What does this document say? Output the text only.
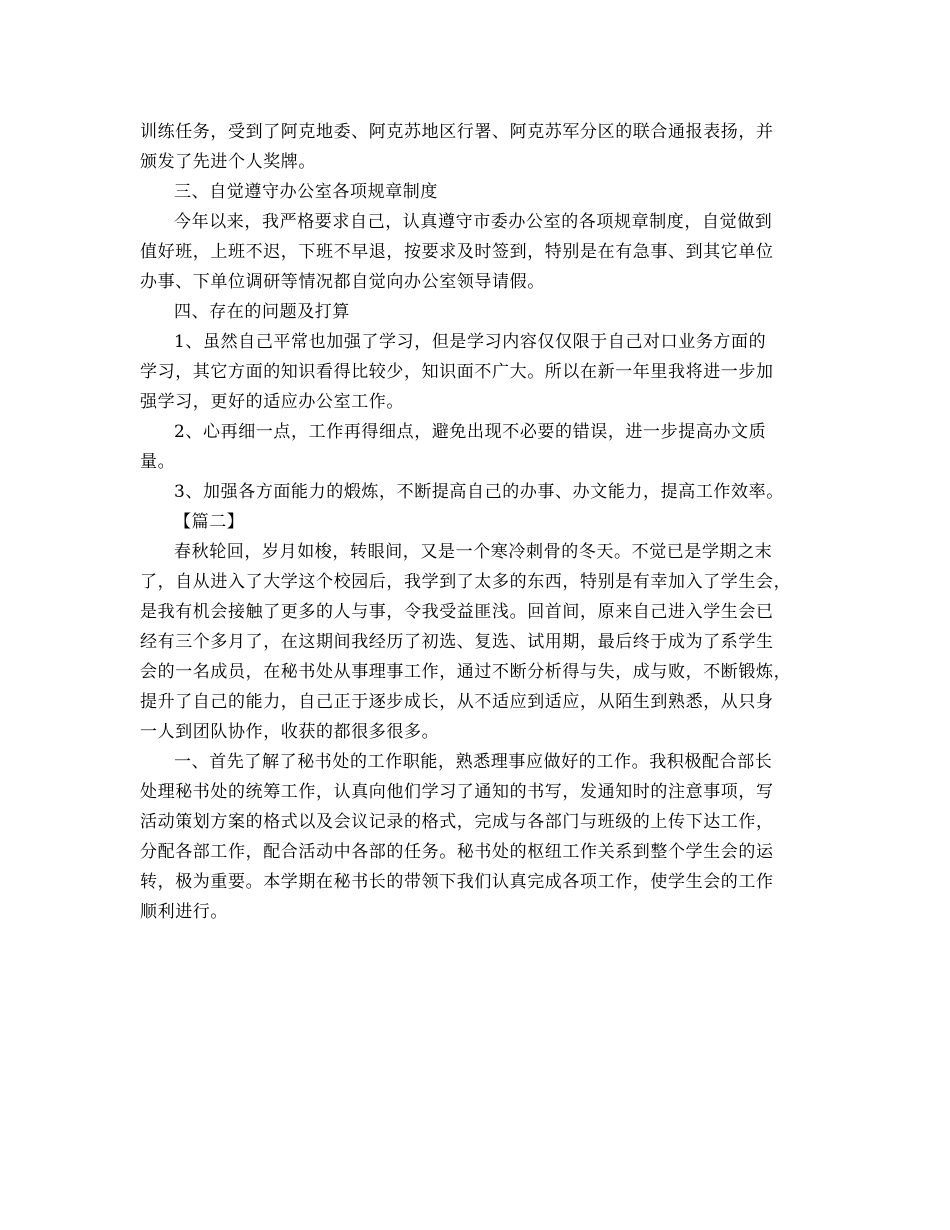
训练任务，受到了阿克地委、阿克苏地区行署、阿克苏军分区的联合通报表扬，并
颁发了先进个人奖牌。
三、自觉遵守办公室各项规章制度
今年以来，我严格要求自己，认真遵守市委办公室的各项规章制度，自觉做到
值好班，上班不迟，下班不早退，按要求及时签到，特别是在有急事、到其它单位
办事、下单位调研等情况都自觉向办公室领导请假。
四、存在的问题及打算
1、虽然自己平常也加强了学习，但是学习内容仅仅限于自己对口业务方面的
学习，其它方面的知识看得比较少，知识面不广大。所以在新一年里我将进一步加
强学习，更好的适应办公室工作。
2、心再细一点，工作再得细点，避免出现不必要的错误，进一步提高办文质
量。
3、加强各方面能力的煅炼，不断提高自己的办事、办文能力，提高工作效率。
【篇二】
春秋轮回，岁月如梭，转眼间，又是一个寒冷刺骨的冬天。不觉已是学期之末
了，自从进入了大学这个校园后，我学到了太多的东西，特别是有幸加入了学生会，
是我有机会接触了更多的人与事，令我受益匪浅。回首间，原来自己进入学生会已
经有三个多月了，在这期间我经历了初选、复选、试用期，最后终于成为了系学生
会的一名成员，在秘书处从事理事工作，通过不断分析得与失，成与败，不断锻炼，
提升了自己的能力，自己正于逐步成长，从不适应到适应，从陌生到熟悉，从只身
一人到团队协作，收获的都很多很多。
一、首先了解了秘书处的工作职能，熟悉理事应做好的工作。我积极配合部长
处理秘书处的统筹工作，认真向他们学习了通知的书写，发通知时的注意事项，写
活动策划方案的格式以及会议记录的格式，完成与各部门与班级的上传下达工作，
分配各部工作，配合活动中各部的任务。秘书处的枢纽工作关系到整个学生会的运
转，极为重要。本学期在秘书长的带领下我们认真完成各项工作，使学生会的工作
顺利进行。
